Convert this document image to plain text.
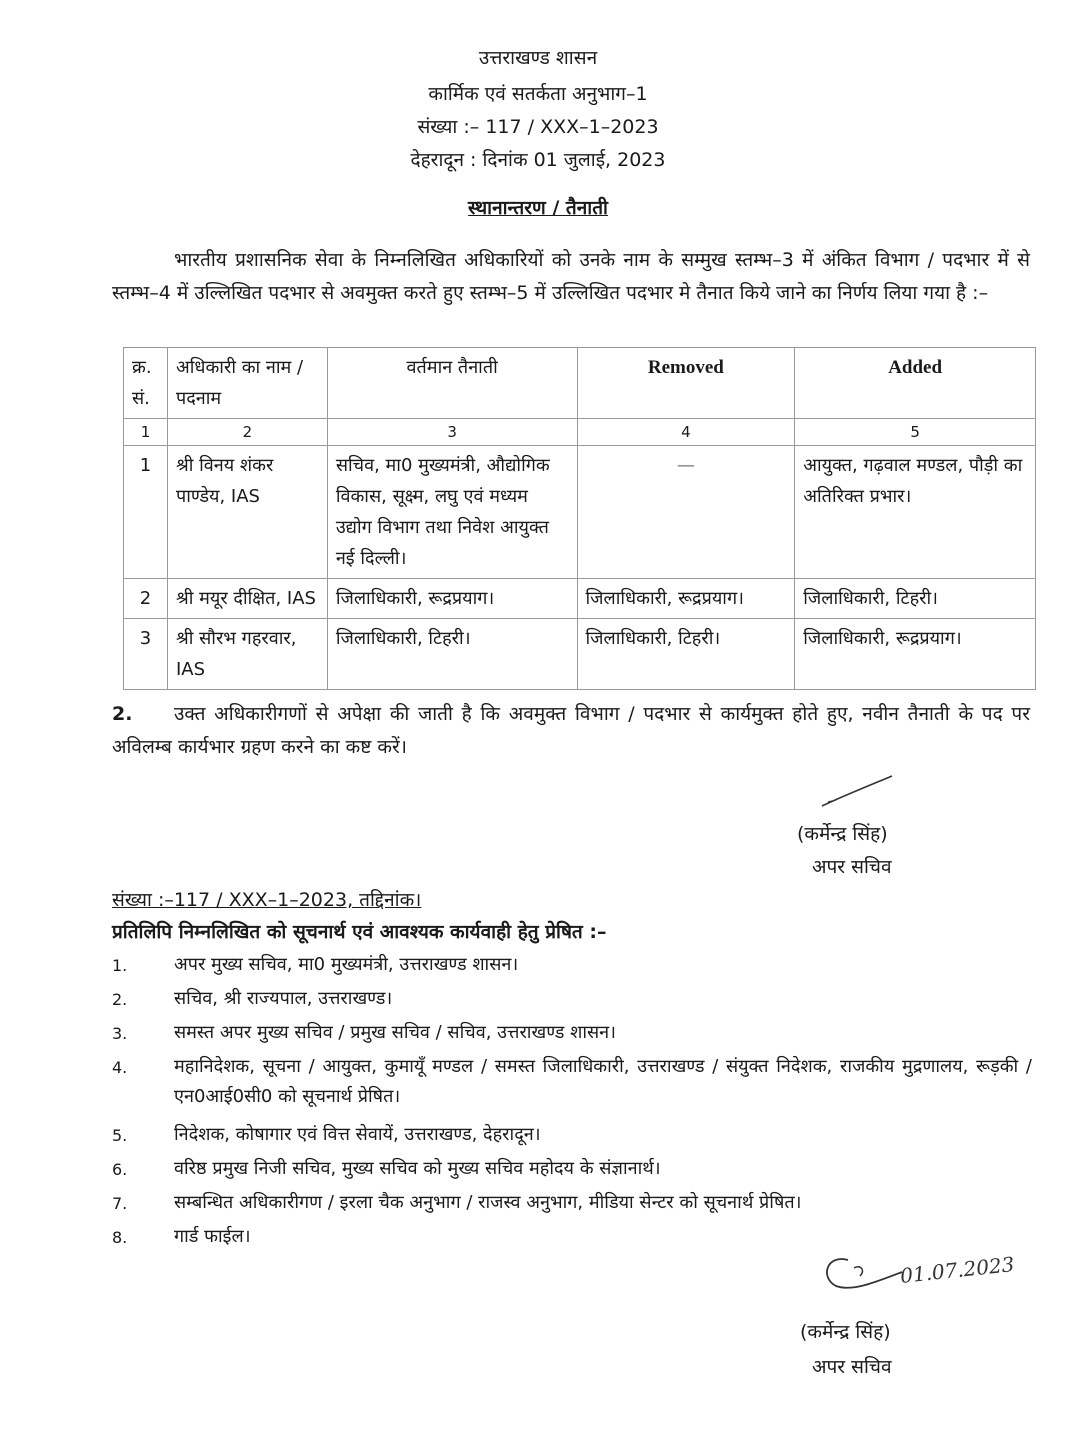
उत्तराखण्ड शासन
कार्मिक एवं सतर्कता अनुभाग–1
संख्या :– 117 / XXX–1–2023
देहरादून : दिनांक 01 जुलाई, 2023
स्थानान्तरण / तैनाती
भारतीय प्रशासनिक सेवा के निम्नलिखित अधिकारियों को उनके नाम के सम्मुख स्तम्भ–3 में अंकित विभाग / पदभार में से स्तम्भ–4 में उल्लिखित पदभार से अवमुक्त करते हुए स्तम्भ–5 में उल्लिखित पदभार मे तैनात किये जाने का निर्णय लिया गया है :–
क्र. सं.	अधिकारी का नाम / पदनाम	वर्तमान तैनाती	Removed	Added
1	2	3	4	5
1	श्री विनय शंकर पाण्डेय, IAS	सचिव, मा0 मुख्यमंत्री, औद्योगिक विकास, सूक्ष्म, लघु एवं मध्यम उद्योग विभाग तथा निवेश आयुक्त नई दिल्ली।	—	आयुक्त, गढ़वाल मण्डल, पौड़ी का अतिरिक्त प्रभार।
2	श्री मयूर दीक्षित, IAS	जिलाधिकारी, रूद्रप्रयाग।	जिलाधिकारी, रूद्रप्रयाग।	जिलाधिकारी, टिहरी।
3	श्री सौरभ गहरवार, IAS	जिलाधिकारी, टिहरी।	जिलाधिकारी, टिहरी।	जिलाधिकारी, रूद्रप्रयाग।
2. उक्त अधिकारीगणों से अपेक्षा की जाती है कि अवमुक्त विभाग / पदभार से कार्यमुक्त होते हुए, नवीन तैनाती के पद पर अविलम्ब कार्यभार ग्रहण करने का कष्ट करें।
(कर्मेन्द्र सिंह)
अपर सचिव
संख्या :–117 / XXX–1–2023, तद्दिनांक।
प्रतिलिपि निम्नलिखित को सूचनार्थ एवं आवश्यक कार्यवाही हेतु प्रेषित :–
1.	अपर मुख्य सचिव, मा0 मुख्यमंत्री, उत्तराखण्ड शासन।
2.	सचिव, श्री राज्यपाल, उत्तराखण्ड।
3.	समस्त अपर मुख्य सचिव / प्रमुख सचिव / सचिव, उत्तराखण्ड शासन।
4.	महानिदेशक, सूचना / आयुक्त, कुमायूँ मण्डल / समस्त जिलाधिकारी, उत्तराखण्ड / संयुक्त निदेशक, राजकीय मुद्रणालय, रूड़की / एन0आई0सी0 को सूचनार्थ प्रेषित।
5.	निदेशक, कोषागार एवं वित्त सेवायें, उत्तराखण्ड, देहरादून।
6.	वरिष्ठ प्रमुख निजी सचिव, मुख्य सचिव को मुख्य सचिव महोदय के संज्ञानार्थ।
7.	सम्बन्धित अधिकारीगण / इरला चैक अनुभाग / राजस्व अनुभाग, मीडिया सेन्टर को सूचनार्थ प्रेषित।
8.	गार्ड फाईल।
01.07.2023
(कर्मेन्द्र सिंह)
अपर सचिव
